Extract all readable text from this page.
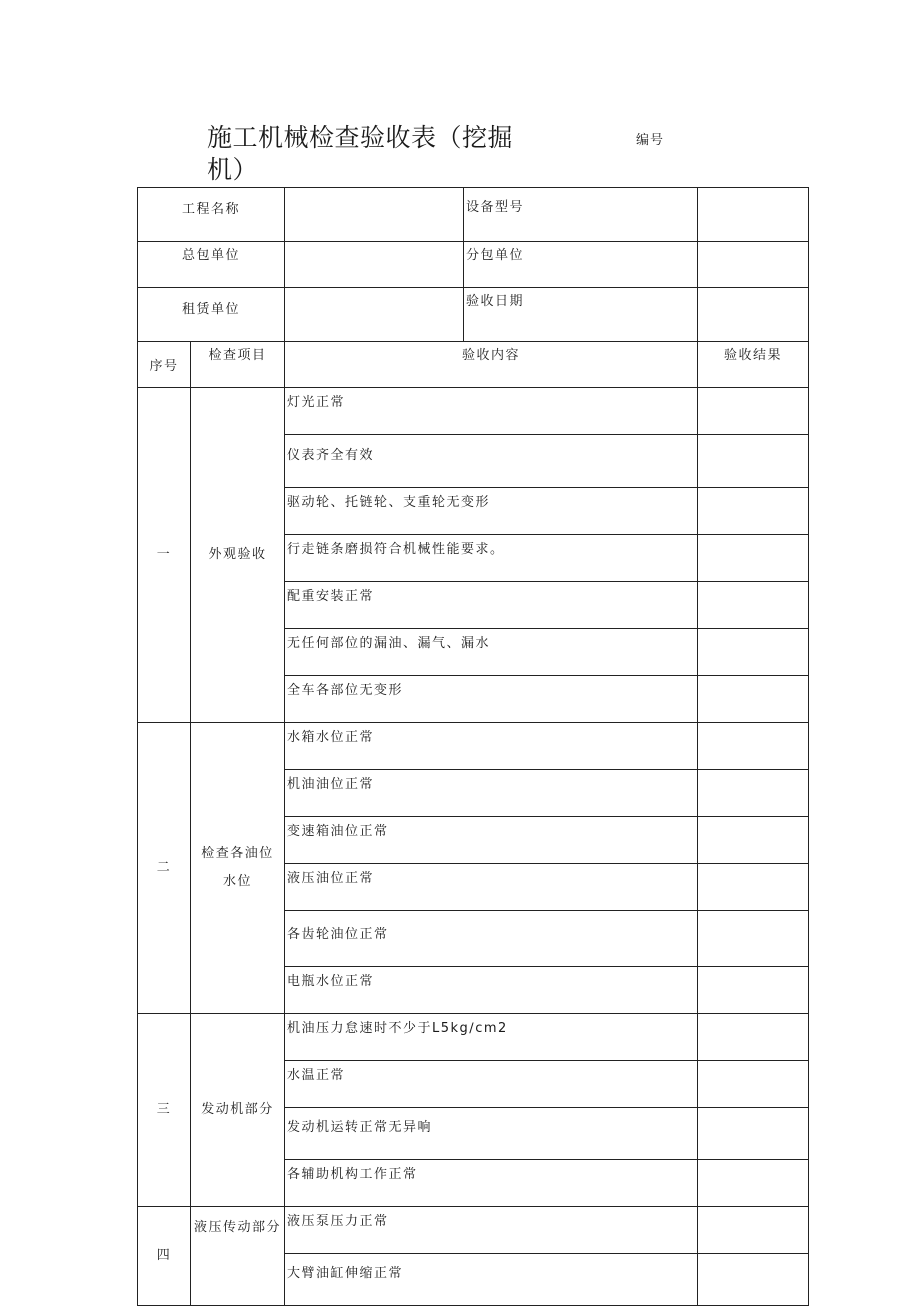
施工机械检查验收表（挖掘机）
编号
工程名称			设备型号	
总包单位			分包单位	
租赁单位			验收日期	
序号	检查项目	验收内容		验收结果
一	外观验收	灯光正常		
		仪表齐全有效		
		驱动轮、托链轮、支重轮无变形		
		行走链条磨损符合机械性能要求。		
		配重安装正常		
		无任何部位的漏油、漏气、漏水		
		全车各部位无变形		
二	检查各油位水位	水箱水位正常		
		机油油位正常		
		变速箱油位正常		
		液压油位正常		
		各齿轮油位正常		
		电瓶水位正常		
三	发动机部分	机油压力怠速时不少于L5kg∕cm2		
		水温正常		
		发动机运转正常无异响		
		各辅助机构工作正常		
四	液压传动部分	液压泵压力正常		
		大臂油缸伸缩正常		
